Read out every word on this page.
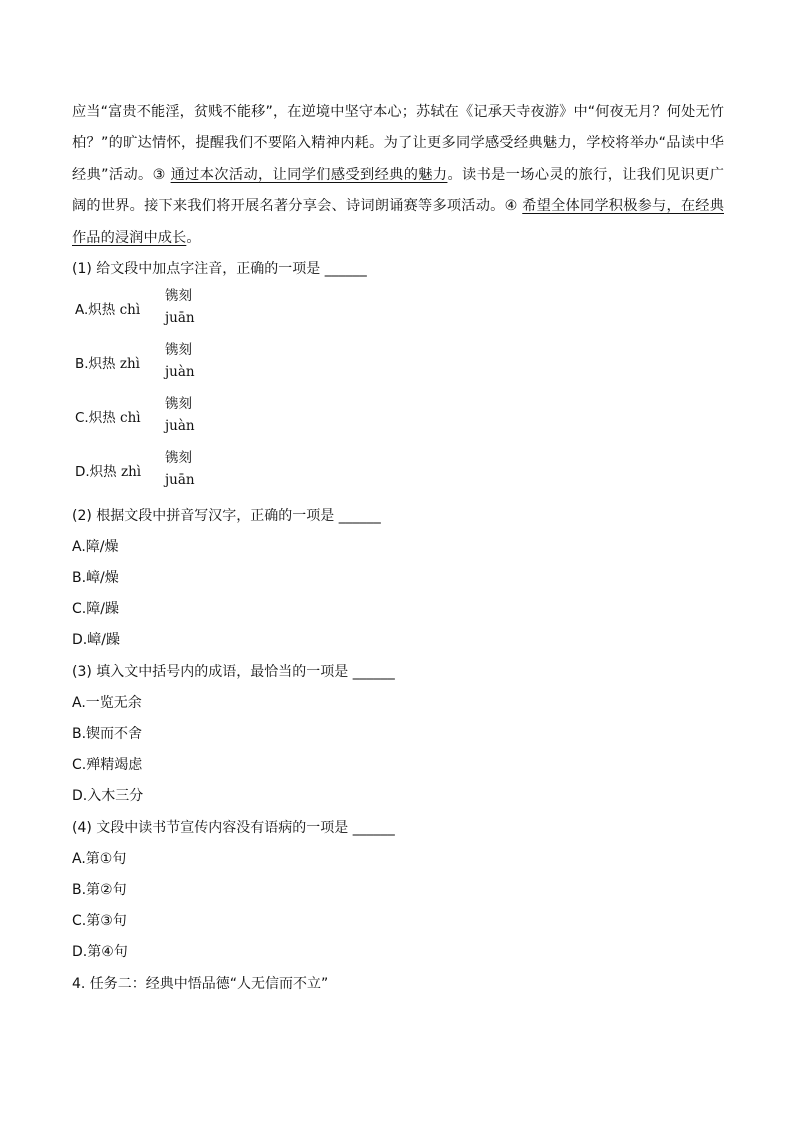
应当“富贵不能淫，贫贱不能移”，在逆境中坚守本心；苏轼在《记承天寺夜游》中“何夜无月？何处无竹柏？”的旷达情怀，提醒我们不要陷入精神内耗。为了让更多同学感受经典魅力，学校将举办“品读中华经典”活动。③ 通过本次活动，让同学们感受到经典的魅力。读书是一场心灵的旅行，让我们见识更广阔的世界。接下来我们将开展名著分享会、诗词朗诵赛等多项活动。④ 希望全体同学积极参与，在经典作品的浸润中成长。
(1) 给文段中加点字注音，正确的一项是 ______
A.炽热 chì
镌刻
juān
B.炽热 zhì
镌刻
juàn
C.炽热 chì
镌刻
juàn
D.炽热 zhì
镌刻
juān
(2) 根据文段中拼音写汉字，正确的一项是 ______
A.障/燥
B.嶂/燥
C.障/躁
D.嶂/躁
(3) 填入文中括号内的成语，最恰当的一项是 ______
A.一览无余
B.锲而不舍
C.殚精竭虑
D.入木三分
(4) 文段中读书节宣传内容没有语病的一项是 ______
A.第①句
B.第②句
C.第③句
D.第④句
4. 任务二：经典中悟品德“人无信而不立”
